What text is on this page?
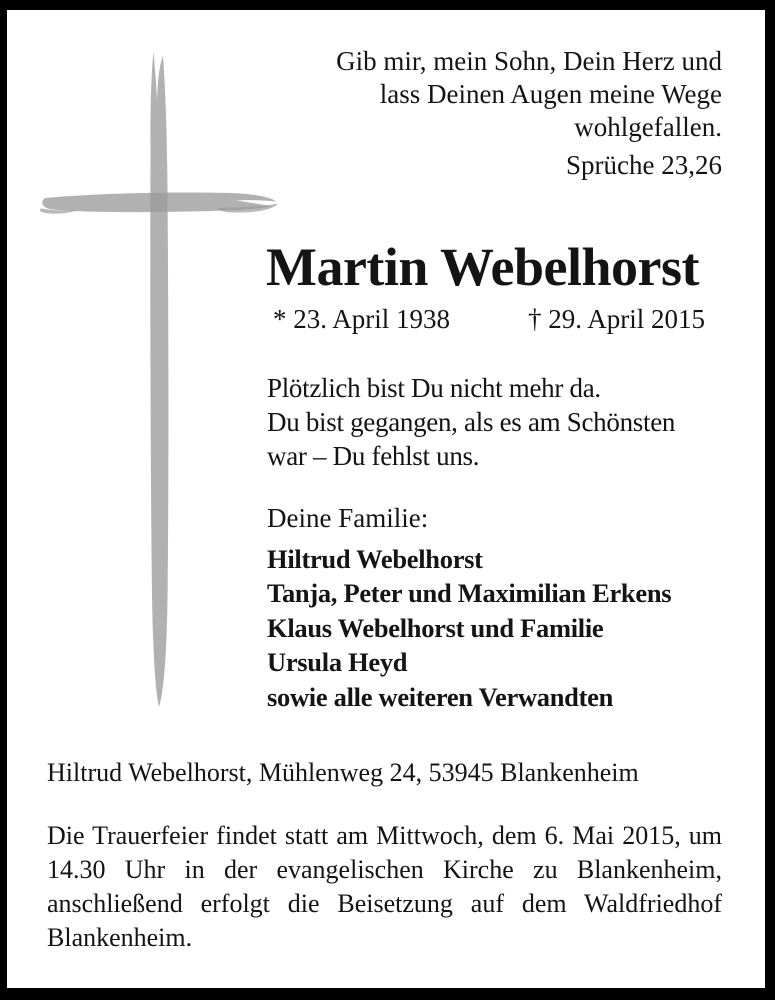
Gib mir, mein Sohn, Dein Herz und
lass Deinen Augen meine Wege
wohlgefallen.
Sprüche 23,26
Martin Webelhorst
* 23. April 1938	† 29. April 2015
Plötzlich bist Du nicht mehr da.
Du bist gegangen, als es am Schönsten
war – Du fehlst uns.
Deine Familie:
Hiltrud Webelhorst
Tanja, Peter und Maximilian Erkens
Klaus Webelhorst und Familie
Ursula Heyd
sowie alle weiteren Verwandten
Hiltrud Webelhorst, Mühlenweg 24, 53945 Blankenheim
Die Trauerfeier findet statt am Mittwoch, dem 6. Mai 2015, um
14.30 Uhr in der evangelischen Kirche zu Blankenheim,
anschließend erfolgt die Beisetzung auf dem Waldfriedhof
Blankenheim.
